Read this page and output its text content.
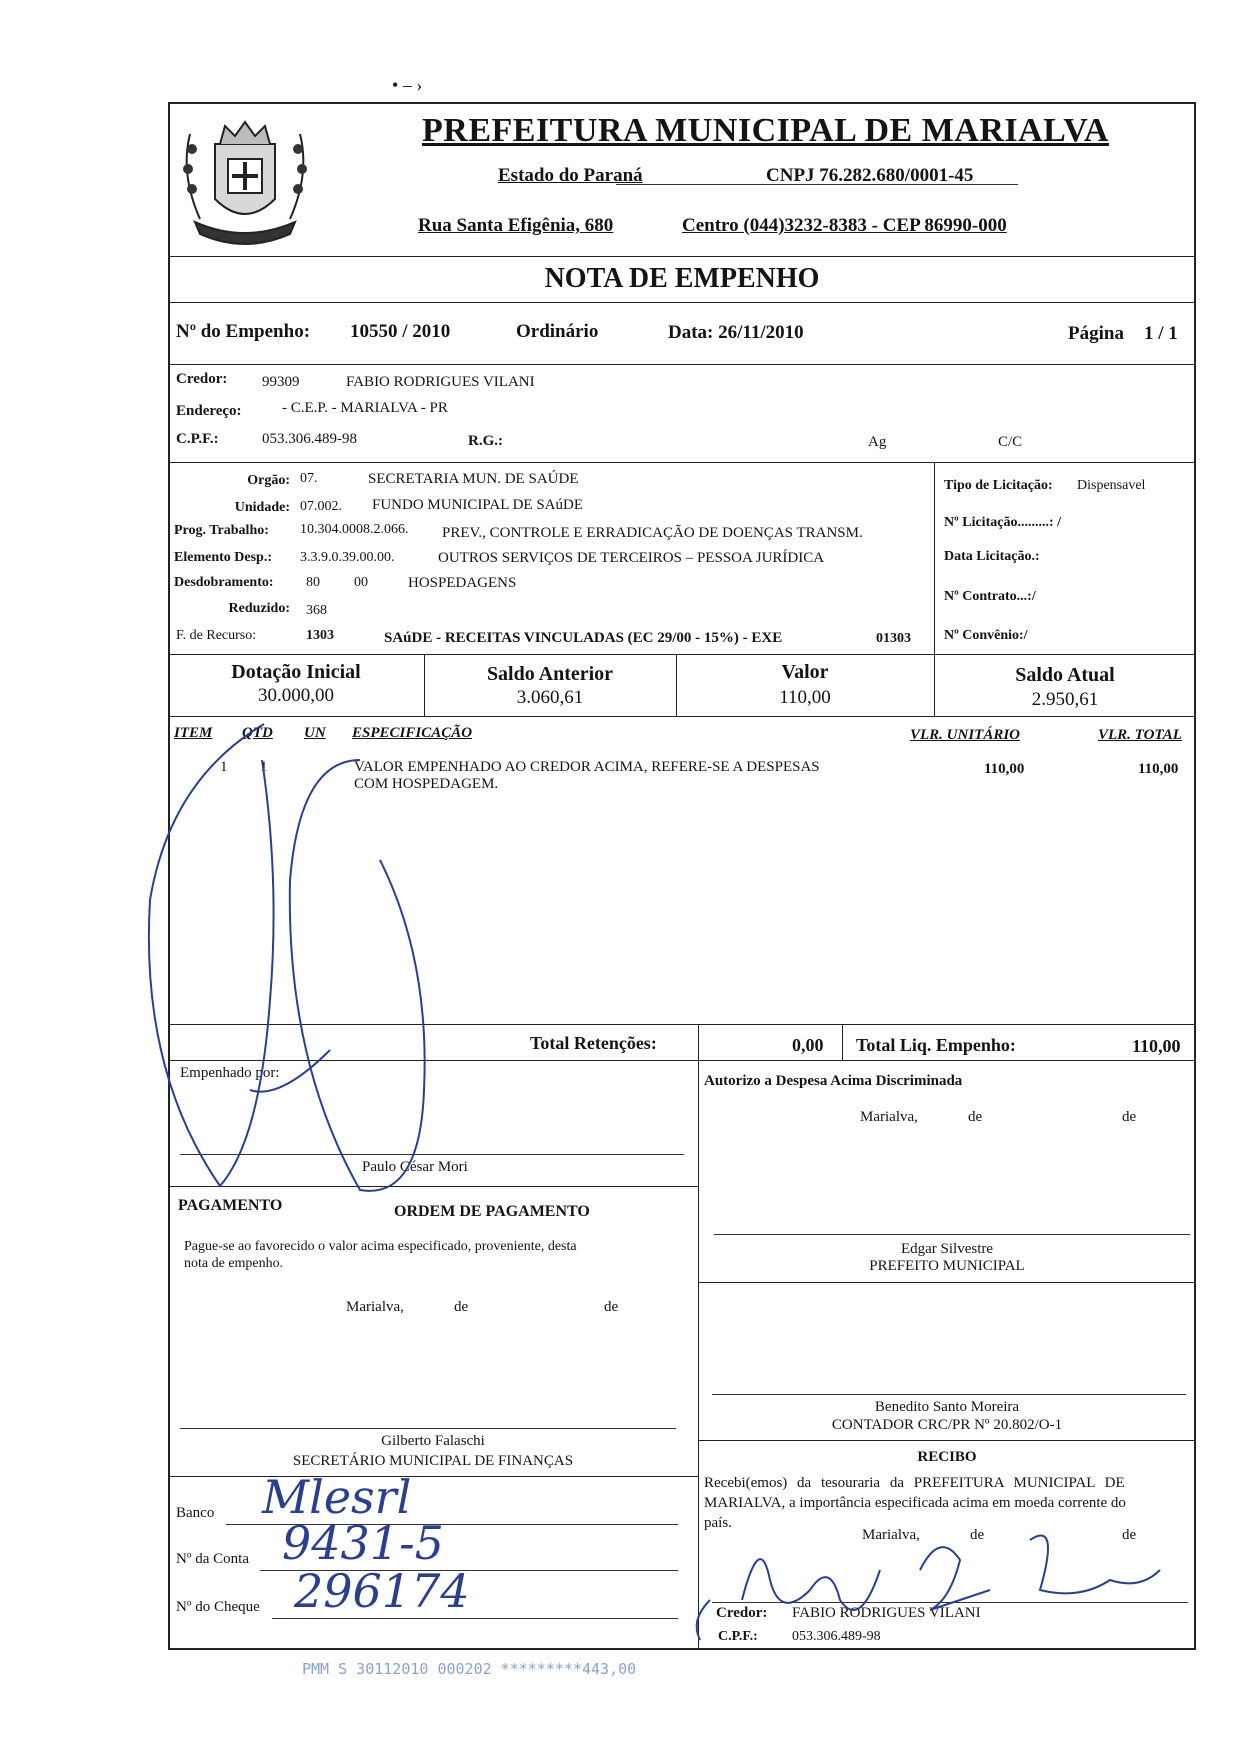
• ‒ ›
PREFEITURA MUNICIPAL DE MARIALVA
Estado do Paraná	CNPJ 76.282.680/0001-45
Rua Santa Efigênia, 680	Centro (044)3232-8383 - CEP 86990-000
NOTA DE EMPENHO
Nº do Empenho: 10550 / 2010	Ordinário	Data: 26/11/2010	Página 1 / 1
Credor: 99309	FABIO RODRIGUES VILANI
Endereço:	- C.E.P. - MARIALVA - PR
C.P.F.:	053.306.489-98	R.G.:	Ag	C/C
Orgão: 07.	SECRETARIA MUN. DE SAÚDE
Unidade: 07.002. FUNDO MUNICIPAL DE SAúDE
Prog. Trabalho: 10.304.0008.2.066. PREV., CONTROLE E ERRADICAÇÃO DE DOENÇAS TRANSM.
Elemento Desp.: 3.3.9.0.39.00.00.	OUTROS SERVIÇOS DE TERCEIROS – PESSOA JURÍDICA
Desdobramento: 80 00	HOSPEDAGENS
Reduzido: 368
F. de Recurso:	1303	SAúDE - RECEITAS VINCULADAS (EC 29/00 - 15%) - EXE	01303
Tipo de Licitação: Dispensavel
Nº Licitação.........: /
Data Licitação.:
Nº Contrato...:/
Nº Convênio:/
Dotação Inicial
30.000,00
Saldo Anterior
3.060,61
Valor
110,00
Saldo Atual
2.950,61
ITEM QTD UN ESPECIFICAÇÃO	VLR. UNITÁRIO	VLR. TOTAL
1 1	VALOR EMPENHADO AO CREDOR ACIMA, REFERE-SE A DESPESAS
COM HOSPEDAGEM.
110,00	110,00
Total Retenções:	0,00 Total Liq. Empenho:	110,00
Empenhado por:
Paulo César Mori
Autorizo a Despesa Acima Discriminada
Marialva,	de	de
Edgar Silvestre
PREFEITO MUNICIPAL
PAGAMENTO	ORDEM DE PAGAMENTO
Pague-se ao favorecido o valor acima especificado, proveniente, desta
nota de empenho.
Marialva,	de	de
Gilberto Falaschi
SECRETÁRIO MUNICIPAL DE FINANÇAS
Benedito Santo Moreira
CONTADOR CRC/PR Nº 20.802/O-1
RECIBO
Recebi(emos) da tesouraria da PREFEITURA MUNICIPAL DE
MARIALVA, a importância especificada acima em moeda corrente do
país.
Marialva,	de	de
Credor: FABIO RODRIGUES VILANI
C.P.F.: 053.306.489-98
Banco Mlesrl
Nº da Conta 9431-5
Nº do Cheque 296174
PMM S 30112010 000202 *********443,00
